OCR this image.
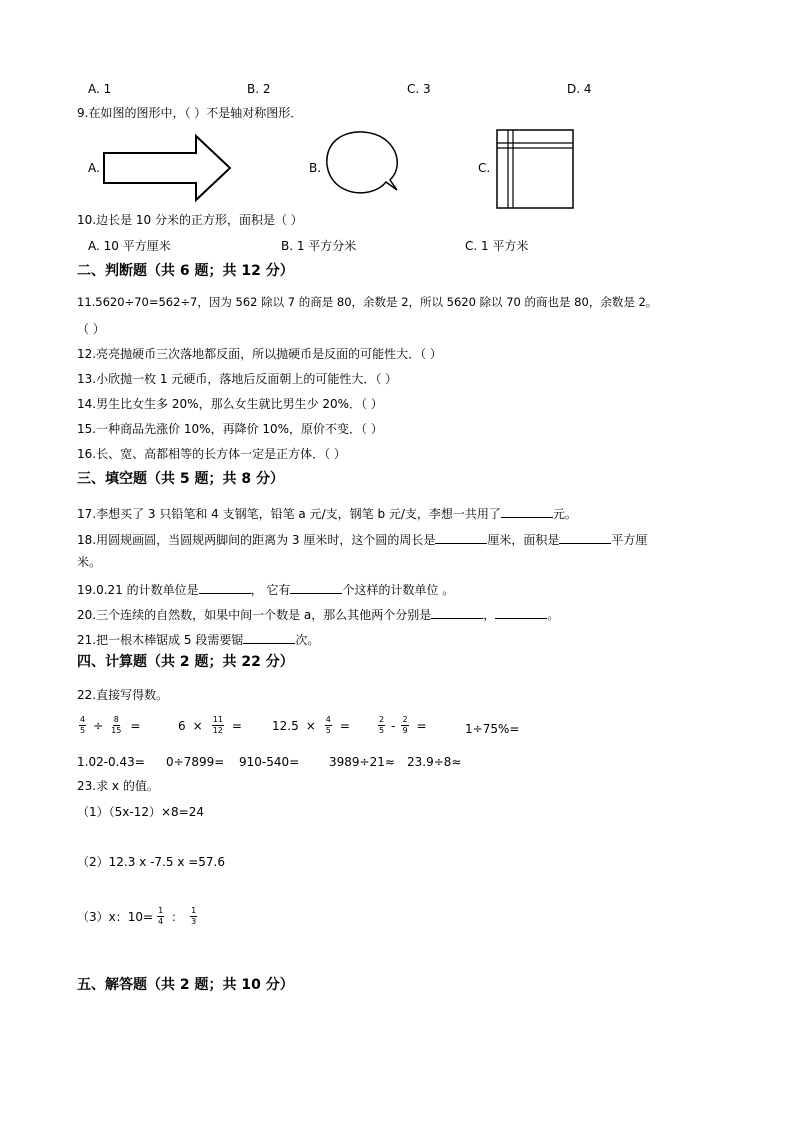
A. 1	B. 2	C. 3	D. 4
9.在如图的图形中，（ ）不是轴对称图形．
A.	B.	C.
10.边长是 10 分米的正方形，面积是（ ）
A. 10 平方厘米	B. 1 平方分米	C. 1 平方米
二、判断题（共 6 题；共 12 分）
11.5620÷70=562÷7，因为 562 除以 7 的商是 80，余数是 2，所以 5620 除以 70 的商也是 80，余数是 2。
（ ）
12.亮亮抛硬币三次落地都反面，所以抛硬币是反面的可能性大．（ ）
13.小欣抛一枚 1 元硬币，落地后反面朝上的可能性大．（ ）
14.男生比女生多 20%，那么女生就比男生少 20%．（ ）
15.一种商品先涨价 10%，再降价 10%，原价不变．（ ）
16.长、宽、高都相等的长方体一定是正方体．（ ）
三、填空题（共 5 题；共 8 分）
17.李想买了 3 只铅笔和 4 支钢笔，铅笔 a 元/支，钢笔 b 元/支，李想一共用了	元。
18.用圆规画圆，当圆规两脚间的距离为 3 厘米时，这个圆的周长是	厘米，面积是	平方厘
米。
19.0.21 的计数单位是	， 它有	个这样的计数单位 。
20.三个连续的自然数，如果中间一个数是 a，那么其他两个分别是	，	。
21.把一根木棒锯成 5 段需要锯	次。
四、计算题（共 2 题；共 22 分）
22.直接写得数。
$\frac{4}{5} \div \frac{8}{15}$ =	$6 \times \frac{11}{12}$ =	$12.5 \times \frac{4}{5}$ =	$\frac{2}{5} - \frac{2}{9}$ =	1÷75%=
1.02-0.43= 0÷7899= 910-540= 3989÷21≈ 23.9÷8≈
23.求 x 的值。
（1）（5x-12）×8=24
（2）12.3 x -7.5 x =57.6
（3）x：$10= \frac{1}{4}$ ： $\frac{1}{3}$
五、解答题（共 2 题；共 10 分）
